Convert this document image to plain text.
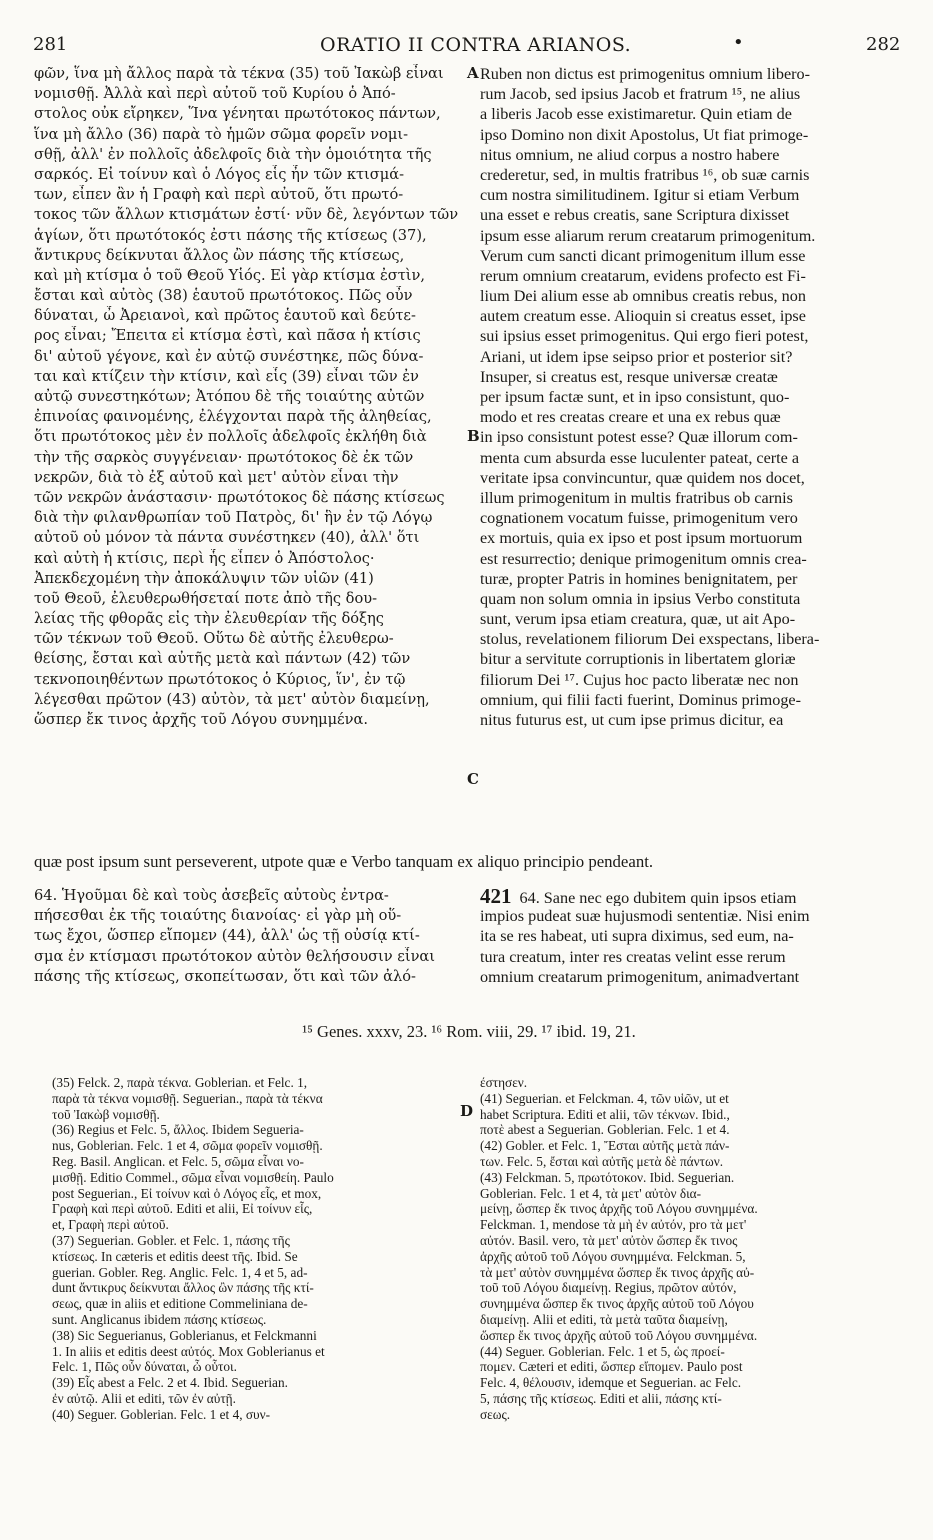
281	ORATIO II CONTRA ARIANOS.	•	282
A
B
C
D
φῶν, ἵνα μὴ ἄλλος παρὰ τὰ τέκνα (35) τοῦ Ἰακὼβ εἶναι
νομισθῇ. Ἀλλὰ καὶ περὶ αὐτοῦ τοῦ Κυρίου ὁ Ἀπό-
στολος οὐκ εἴρηκεν, Ἵνα γένηται πρωτότοκος πάντων,
ἵνα μὴ ἄλλο (36) παρὰ τὸ ἡμῶν σῶμα φορεῖν νομι-
σθῇ, ἀλλ' ἐν πολλοῖς ἀδελφοῖς διὰ τὴν ὁμοιότητα τῆς
σαρκός. Εἰ τοίνυν καὶ ὁ Λόγος εἷς ἦν τῶν κτισμά-
των, εἶπεν ἂν ἡ Γραφὴ καὶ περὶ αὐτοῦ, ὅτι πρωτό-
τοκος τῶν ἄλλων κτισμάτων ἐστί· νῦν δὲ, λεγόντων τῶν
ἁγίων, ὅτι πρωτότοκός ἐστι πάσης τῆς κτίσεως (37),
ἄντικρυς δείκνυται ἄλλος ὢν πάσης τῆς κτίσεως,
καὶ μὴ κτίσμα ὁ τοῦ Θεοῦ Υἱός. Εἰ γὰρ κτίσμα ἐστὶν,
ἔσται καὶ αὐτὸς (38) ἑαυτοῦ πρωτότοκος. Πῶς οὖν
δύναται, ὦ Ἀρειανοὶ, καὶ πρῶτος ἑαυτοῦ καὶ δεύτε-
ρος εἶναι; Ἔπειτα εἰ κτίσμα ἐστὶ, καὶ πᾶσα ἡ κτίσις
δι' αὐτοῦ γέγονε, καὶ ἐν αὐτῷ συνέστηκε, πῶς δύνα-
ται καὶ κτίζειν τὴν κτίσιν, καὶ εἷς (39) εἶναι τῶν ἐν
αὐτῷ συνεστηκότων; Ἀτόπου δὲ τῆς τοιαύτης αὐτῶν
ἐπινοίας φαινομένης, ἐλέγχονται παρὰ τῆς ἀληθείας,
ὅτι πρωτότοκος μὲν ἐν πολλοῖς ἀδελφοῖς ἐκλήθη διὰ
τὴν τῆς σαρκὸς συγγένειαν· πρωτότοκος δὲ ἐκ τῶν
νεκρῶν, διὰ τὸ ἐξ αὐτοῦ καὶ μετ' αὐτὸν εἶναι τὴν
τῶν νεκρῶν ἀνάστασιν· πρωτότοκος δὲ πάσης κτίσεως
διὰ τὴν φιλανθρωπίαν τοῦ Πατρὸς, δι' ἣν ἐν τῷ Λόγῳ
αὐτοῦ οὐ μόνον τὰ πάντα συνέστηκεν (40), ἀλλ' ὅτι
καὶ αὐτὴ ἡ κτίσις, περὶ ἧς εἶπεν ὁ Ἀπόστολος·
Ἀπεκδεχομένη τὴν ἀποκάλυψιν τῶν υἱῶν (41)
τοῦ Θεοῦ, ἐλευθερωθήσεταί ποτε ἀπὸ τῆς δου-
λείας τῆς φθορᾶς εἰς τὴν ἐλευθερίαν τῆς δόξης
τῶν τέκνων τοῦ Θεοῦ. Οὕτω δὲ αὐτῆς ἐλευθερω-
θείσης, ἔσται καὶ αὐτῆς μετὰ καὶ πάντων (42) τῶν
τεκνοποιηθέντων πρωτότοκος ὁ Κύριος, ἵν', ἐν τῷ
λέγεσθαι πρῶτον (43) αὐτὸν, τὰ μετ' αὐτὸν διαμείνῃ,
ὥσπερ ἔκ τινος ἀρχῆς τοῦ Λόγου συνημμένα.
Ruben non dictus est primogenitus omnium libero-
rum Jacob, sed ipsius Jacob et fratrum ¹⁵, ne alius
a liberis Jacob esse existimaretur. Quin etiam de
ipso Domino non dixit Apostolus, Ut fiat primoge-
nitus omnium, ne aliud corpus a nostro habere
crederetur, sed, in multis fratribus ¹⁶, ob suæ carnis
cum nostra similitudinem. Igitur si etiam Verbum
una esset e rebus creatis, sane Scriptura dixisset
ipsum esse aliarum rerum creatarum primogenitum.
Verum cum sancti dicant primogenitum illum esse
rerum omnium creatarum, evidens profecto est Fi-
lium Dei alium esse ab omnibus creatis rebus, non
autem creatum esse. Alioquin si creatus esset, ipse
sui ipsius esset primogenitus. Qui ergo fieri potest,
Ariani, ut idem ipse seipso prior et posterior sit?
Insuper, si creatus est, resque universæ creatæ
per ipsum factæ sunt, et in ipso consistunt, quo-
modo et res creatas creare et una ex rebus quæ
in ipso consistunt potest esse? Quæ illorum com-
menta cum absurda esse luculenter pateat, certe a
veritate ipsa convincuntur, quæ quidem nos docet,
illum primogenitum in multis fratribus ob carnis
cognationem vocatum fuisse, primogenitum vero
ex mortuis, quia ex ipso et post ipsum mortuorum
est resurrectio; denique primogenitum omnis crea-
turæ, propter Patris in homines benignitatem, per
quam non solum omnia in ipsius Verbo constituta
sunt, verum ipsa etiam creatura, quæ, ut ait Apo-
stolus, revelationem filiorum Dei exspectans, libera-
bitur a servitute corruptionis in libertatem gloriæ
filiorum Dei ¹⁷. Cujus hoc pacto liberatæ nec non
omnium, qui filii facti fuerint, Dominus primoge-
nitus futurus est, ut cum ipse primus dicitur, ea
quæ post ipsum sunt perseverent, utpote quæ e Verbo tanquam ex aliquo principio pendeant.
64. Ἡγοῦμαι δὲ καὶ τοὺς ἀσεβεῖς αὐτοὺς ἐντρα-
πήσεσθαι ἐκ τῆς τοιαύτης διανοίας· εἰ γὰρ μὴ οὕ-
τως ἔχοι, ὥσπερ εἴπομεν (44), ἀλλ' ὡς τῇ οὐσίᾳ κτί-
σμα ἐν κτίσμασι πρωτότοκον αὐτὸν θελήσουσιν εἶναι
πάσης τῆς κτίσεως, σκοπείτωσαν, ὅτι καὶ τῶν ἀλό-
421 64. Sane nec ego dubitem quin ipsos etiam
impios pudeat suæ hujusmodi sententiæ. Nisi enim
ita se res habeat, uti supra diximus, sed eum, na-
tura creatum, inter res creatas velint esse rerum
omnium creatarum primogenitum, animadvertant
¹⁵ Genes. xxxv, 23. ¹⁶ Rom. viii, 29. ¹⁷ ibid. 19, 21.
(35) Felck. 2, παρὰ τέκνα. Goblerian. et Felc. 1,
παρὰ τὰ τέκνα νομισθῇ. Seguerian., παρὰ τὰ τέκνα
τοῦ Ἰακὼβ νομισθῇ.
(36) Regius et Felc. 5, ἄλλος. Ibidem Segueria-
nus, Goblerian. Felc. 1 et 4, σῶμα φορεῖν νομισθῇ.
Reg. Basil. Anglican. et Felc. 5, σῶμα εἶναι νο-
μισθῇ. Editio Commel., σῶμα εἶναι νομισθείη. Paulo
post Seguerian., Εἰ τοίνυν καὶ ὁ Λόγος εἷς, et mox,
Γραφὴ καὶ περὶ αὐτοῦ. Editi et alii, Εἰ τοίνυν εἷς,
et, Γραφὴ περὶ αὐτοῦ.
(37) Seguerian. Gobler. et Felc. 1, πάσης τῆς
κτίσεως. In cæteris et editis deest τῆς. Ibid. Se
guerian. Gobler. Reg. Anglic. Felc. 1, 4 et 5, ad-
dunt ἄντικρυς δείκνυται ἄλλος ὢν πάσης τῆς κτί-
σεως, quæ in aliis et editione Commeliniana de-
sunt. Anglicanus ibidem πάσης κτίσεως.
(38) Sic Seguerianus, Goblerianus, et Felckmanni
1. In aliis et editis deest αὐτός. Mox Goblerianus et
Felc. 1, Πῶς οὖν δύναται, ὦ οὗτοι.
(39) Εἷς abest a Felc. 2 et 4. Ibid. Seguerian.
ἐν αὐτῷ. Alii et editi, τῶν ἐν αὐτῇ.
(40) Seguer. Goblerian. Felc. 1 et 4, συν-
έστησεν.
(41) Seguerian. et Felckman. 4, τῶν υἱῶν, ut et
habet Scriptura. Editi et alii, τῶν τέκνων. Ibid.,
ποτὲ abest a Seguerian. Goblerian. Felc. 1 et 4.
(42) Gobler. et Felc. 1, Ἔσται αὐτῆς μετὰ πάν-
των. Felc. 5, ἔσται καὶ αὐτῆς μετὰ δὲ πάντων.
(43) Felckman. 5, πρωτότοκον. Ibid. Seguerian.
Goblerian. Felc. 1 et 4, τὰ μετ' αὐτὸν δια-
μείνῃ, ὥσπερ ἔκ τινος ἀρχῆς τοῦ Λόγου συνημμένα.
Felckman. 1, mendose τὰ μὴ ἐν αὐτόν, pro τὰ μετ'
αὐτόν. Basil. vero, τὰ μετ' αὐτὸν ὥσπερ ἔκ τινος
ἀρχῆς αὐτοῦ τοῦ Λόγου συνημμένα. Felckman. 5,
τὰ μετ' αὐτὸν συνημμένα ὥσπερ ἔκ τινος ἀρχῆς αὐ-
τοῦ τοῦ Λόγου διαμείνῃ. Regius, πρῶτον αὐτόν,
συνημμένα ὥσπερ ἔκ τινος ἀρχῆς αὐτοῦ τοῦ Λόγου
διαμείνῃ. Alii et editi, τὰ μετὰ ταῦτα διαμείνῃ,
ὥσπερ ἔκ τινος ἀρχῆς αὐτοῦ τοῦ Λόγου συνημμένα.
(44) Seguer. Goblerian. Felc. 1 et 5, ὡς προεί-
πομεν. Cæteri et editi, ὥσπερ εἴπομεν. Paulo post
Felc. 4, θέλουσιν, idemque et Seguerian. ac Felc.
5, πάσης τῆς κτίσεως. Editi et alii, πάσης κτί-
σεως.
